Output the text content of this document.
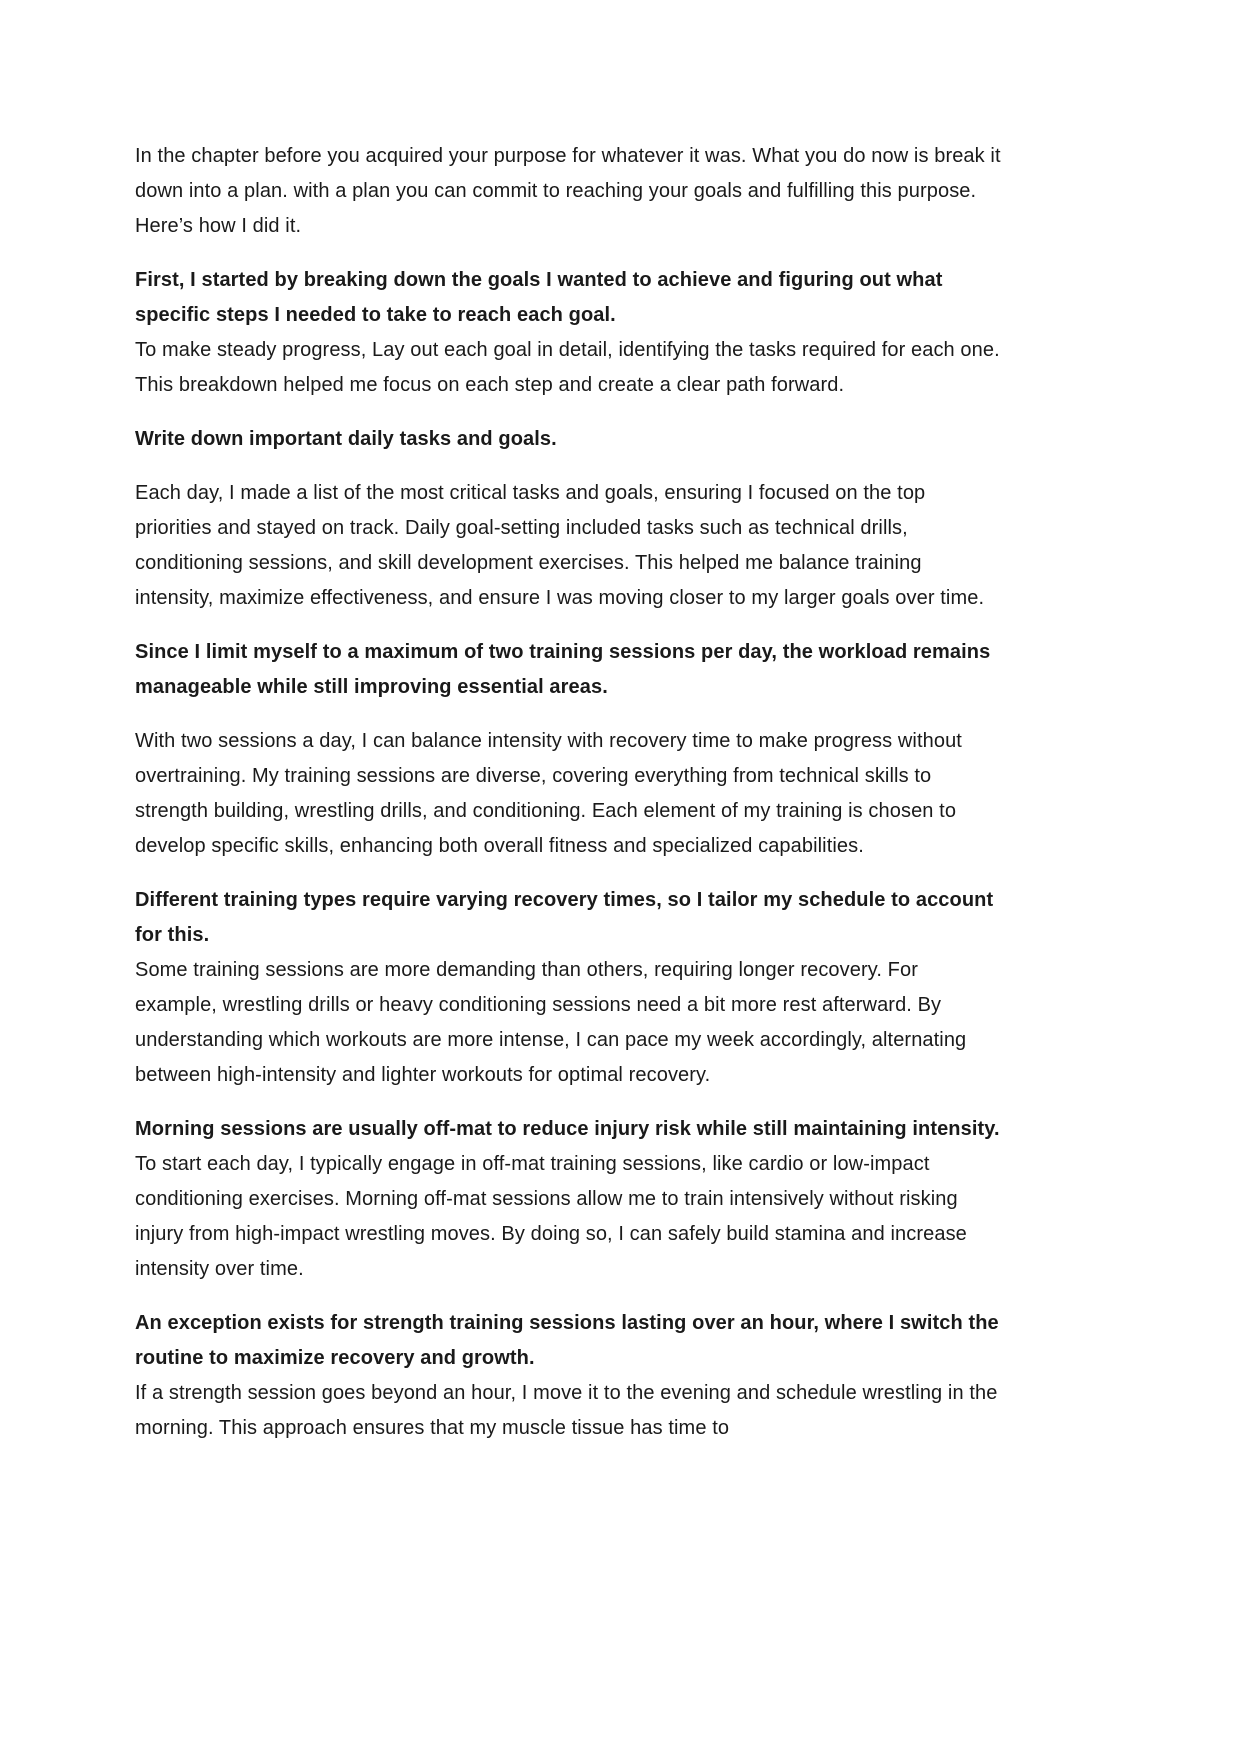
In the chapter before you acquired your purpose for whatever it was. What you do now is break it down into a plan. with a plan you can commit to reaching your goals and fulfilling this purpose. Here’s how I did it.

First, I started by breaking down the goals I wanted to achieve and figuring out what specific steps I needed to take to reach each goal.
To make steady progress, Lay out each goal in detail, identifying the tasks required for each one. This breakdown helped me focus on each step and create a clear path forward.

Write down important daily tasks and goals.

Each day, I made a list of the most critical tasks and goals, ensuring I focused on the top priorities and stayed on track. Daily goal-setting included tasks such as technical drills, conditioning sessions, and skill development exercises. This helped me balance training intensity, maximize effectiveness, and ensure I was moving closer to my larger goals over time.

Since I limit myself to a maximum of two training sessions per day, the workload remains manageable while still improving essential areas.

With two sessions a day, I can balance intensity with recovery time to make progress without overtraining. My training sessions are diverse, covering everything from technical skills to strength building, wrestling drills, and conditioning. Each element of my training is chosen to develop specific skills, enhancing both overall fitness and specialized capabilities.

Different training types require varying recovery times, so I tailor my schedule to account for this.
Some training sessions are more demanding than others, requiring longer recovery. For example, wrestling drills or heavy conditioning sessions need a bit more rest afterward. By understanding which workouts are more intense, I can pace my week accordingly, alternating between high-intensity and lighter workouts for optimal recovery.

Morning sessions are usually off-mat to reduce injury risk while still maintaining intensity.
To start each day, I typically engage in off-mat training sessions, like cardio or low-impact conditioning exercises. Morning off-mat sessions allow me to train intensively without risking injury from high-impact wrestling moves. By doing so, I can safely build stamina and increase intensity over time.

An exception exists for strength training sessions lasting over an hour, where I switch the routine to maximize recovery and growth.
If a strength session goes beyond an hour, I move it to the evening and schedule wrestling in the morning. This approach ensures that my muscle tissue has time to
